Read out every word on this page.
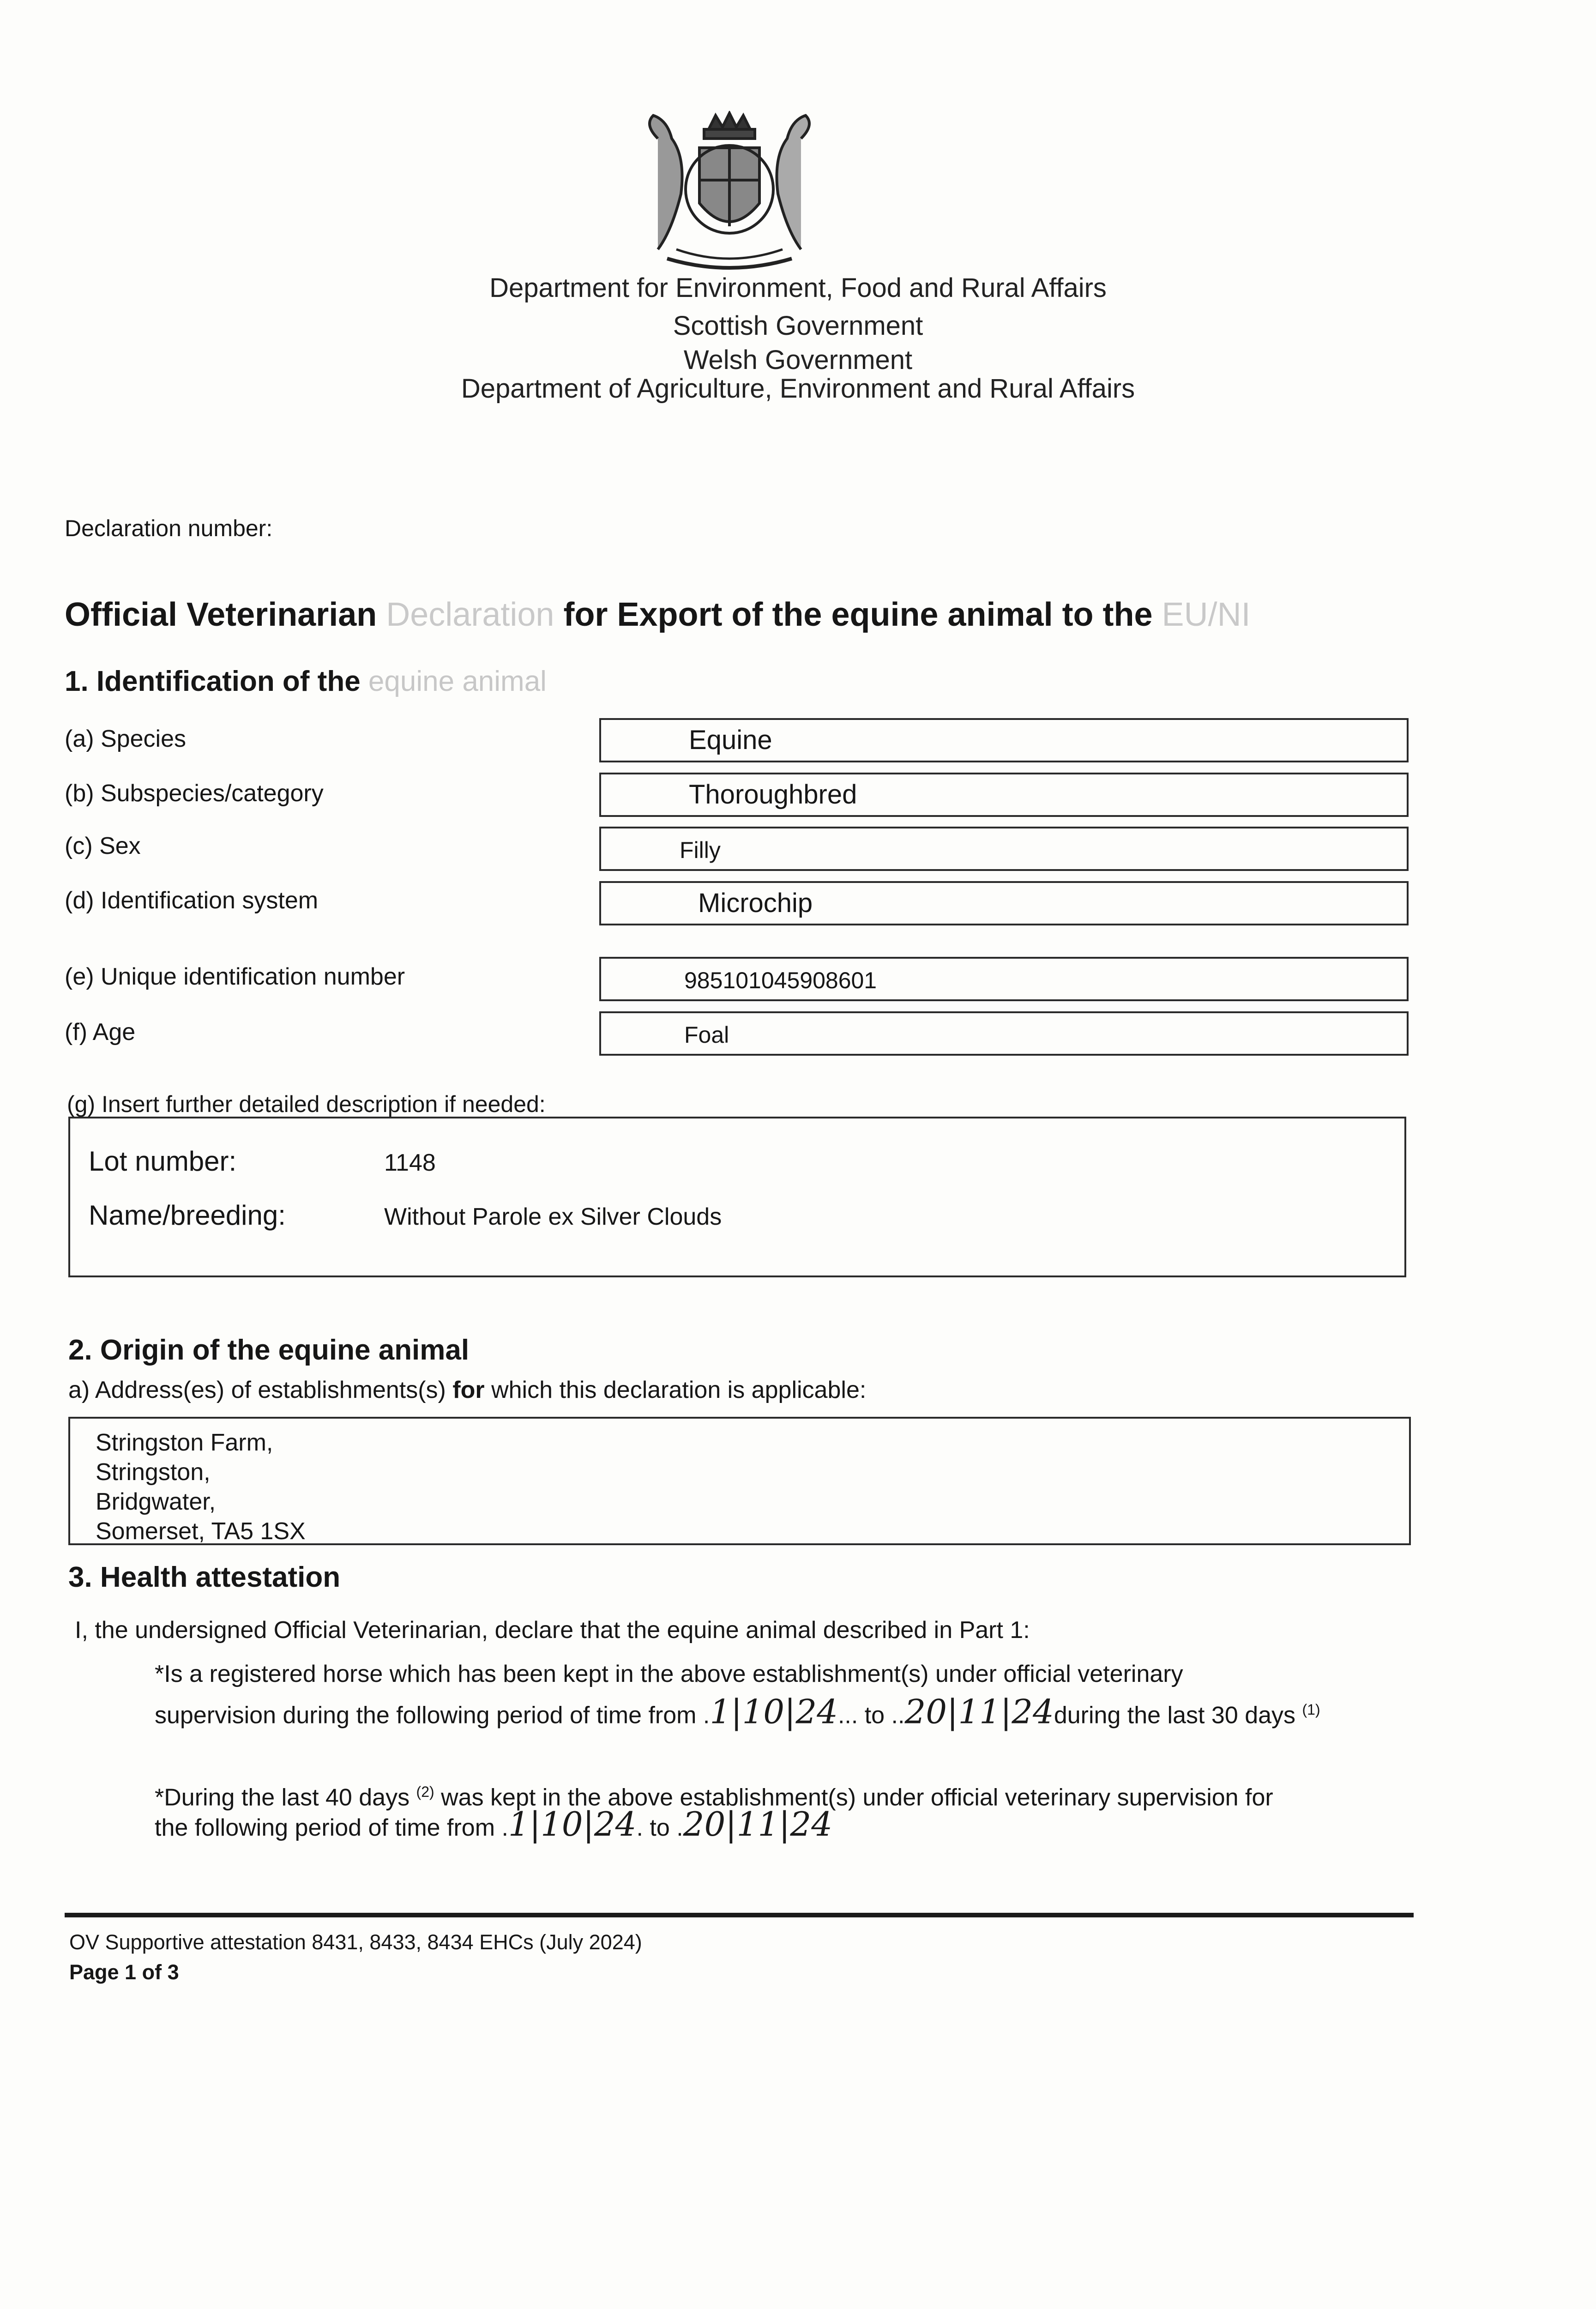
Department for Environment, Food and Rural Affairs
Scottish Government
Welsh Government
Department of Agriculture, Environment and Rural Affairs
Declaration number:
Official Veterinarian Declaration for Export of the equine animal to the EU/NI
1. Identification of the equine animal
(a) Species	Equine
(b) Subspecies/category	Thoroughbred
(c) Sex	Filly
(d) Identification system	Microchip
(e) Unique identification number	985101045908601
(f) Age	Foal
(g) Insert further detailed description if needed:
Lot number:	1148
Name/breeding:	Without Parole ex Silver Clouds
2. Origin of the equine animal
a) Address(es) of establishments(s) for which this declaration is applicable:
Stringston Farm,
Stringston,
Bridgwater,
Somerset, TA5 1SX
3. Health attestation
I, the undersigned Official Veterinarian, declare that the equine animal described in Part 1:
*Is a registered horse which has been kept in the above establishment(s) under official veterinary
supervision during the following period of time from .1|10|24... to ..20|11|24during the last 30 days $^{(1)}$
*During the last 40 days $^{(2)}$ was kept in the above establishment(s) under official veterinary supervision for
the following period of time from .1|10|24. to .20|11|24
OV Supportive attestation 8431, 8433, 8434 EHCs (July 2024)
Page 1 of 3
